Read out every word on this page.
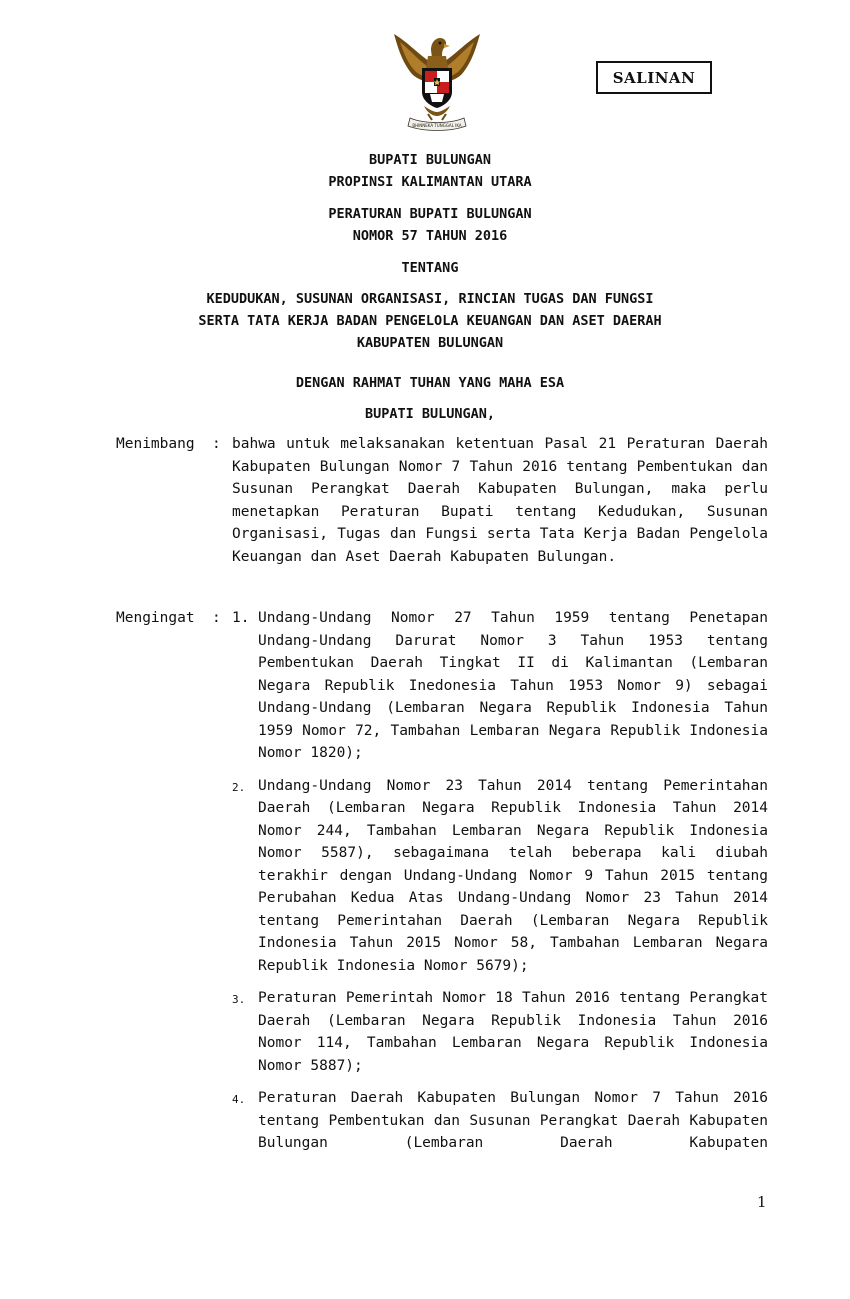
BHINNEKA TUNGGAL IKA
SALINAN
BUPATI BULUNGAN
PROPINSI KALIMANTAN UTARA
PERATURAN BUPATI BULUNGAN
NOMOR 57 TAHUN 2016
TENTANG
KEDUDUKAN, SUSUNAN ORGANISASI, RINCIAN TUGAS DAN FUNGSI
SERTA TATA KERJA BADAN PENGELOLA KEUANGAN DAN ASET DAERAH
KABUPATEN BULUNGAN
DENGAN RAHMAT TUHAN YANG MAHA ESA
BUPATI BULUNGAN,
Menimbang : bahwa untuk melaksanakan ketentuan Pasal 21 Peraturan Daerah Kabupaten Bulungan Nomor 7 Tahun 2016 tentang Pembentukan dan Susunan Perangkat Daerah Kabupaten Bulungan, maka perlu menetapkan Peraturan Bupati tentang Kedudukan, Susunan Organisasi, Tugas dan Fungsi serta Tata Kerja Badan Pengelola Keuangan dan Aset Daerah Kabupaten Bulungan.
Mengingat : 1. Undang-Undang Nomor 27 Tahun 1959 tentang Penetapan Undang-Undang Darurat Nomor 3 Tahun 1953 tentang Pembentukan Daerah Tingkat II di Kalimantan (Lembaran Negara Republik Inedonesia Tahun 1953 Nomor 9) sebagai Undang-Undang (Lembaran Negara Republik Indonesia Tahun 1959 Nomor 72, Tambahan Lembaran Negara Republik Indonesia Nomor 1820);
2. Undang-Undang Nomor 23 Tahun 2014 tentang Pemerintahan Daerah (Lembaran Negara Republik Indonesia Tahun 2014 Nomor 244, Tambahan Lembaran Negara Republik Indonesia Nomor 5587), sebagaimana telah beberapa kali diubah terakhir dengan Undang-Undang Nomor 9 Tahun 2015 tentang Perubahan Kedua Atas Undang-Undang Nomor 23 Tahun 2014 tentang Pemerintahan Daerah (Lembaran Negara Republik Indonesia Tahun 2015 Nomor 58, Tambahan Lembaran Negara Republik Indonesia Nomor 5679);
3. Peraturan Pemerintah Nomor 18 Tahun 2016 tentang Perangkat Daerah (Lembaran Negara Republik Indonesia Tahun 2016 Nomor 114, Tambahan Lembaran Negara Republik Indonesia Nomor 5887);
4. Peraturan Daerah Kabupaten Bulungan Nomor 7 Tahun 2016 tentang Pembentukan dan Susunan Perangkat Daerah Kabupaten Bulungan (Lembaran Daerah Kabupaten
1
